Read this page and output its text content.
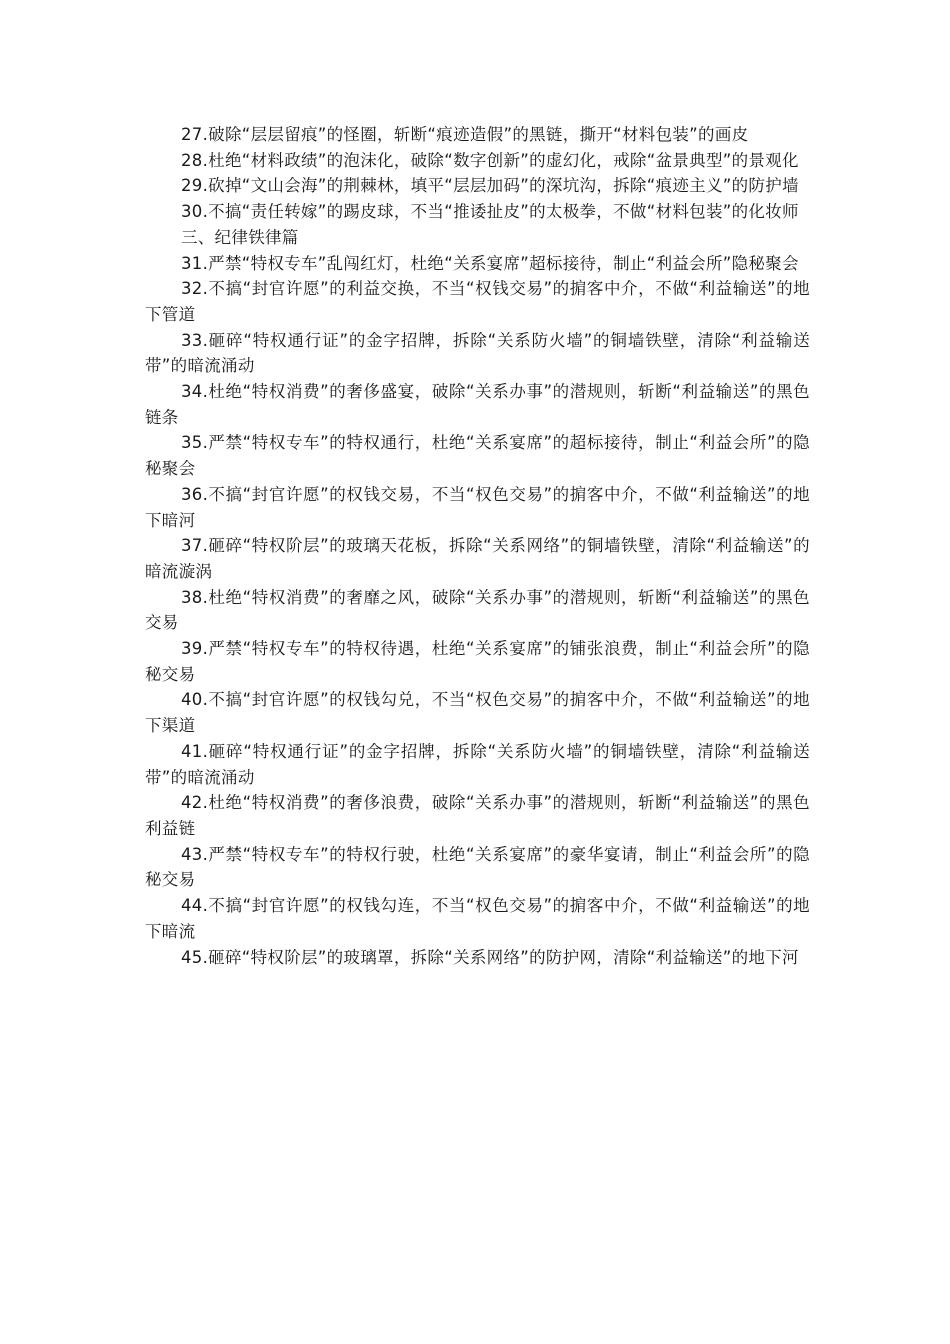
27.破除“层层留痕”的怪圈，斩断“痕迹造假”的黑链，撕开“材料包装”的画皮

28.杜绝“材料政绩”的泡沫化，破除“数字创新”的虚幻化，戒除“盆景典型”的景观化

29.砍掉“文山会海”的荆棘林，填平“层层加码”的深坑沟，拆除“痕迹主义”的防护墙

30.不搞“责任转嫁”的踢皮球，不当“推诿扯皮”的太极拳，不做“材料包装”的化妆师

三、纪律铁律篇

31.严禁“特权专车”乱闯红灯，杜绝“关系宴席”超标接待，制止“利益会所”隐秘聚会

32.不搞“封官许愿”的利益交换，不当“权钱交易”的掮客中介，不做“利益输送”的地下管道

33.砸碎“特权通行证”的金字招牌，拆除“关系防火墙”的铜墙铁壁，清除“利益输送带”的暗流涌动

34.杜绝“特权消费”的奢侈盛宴，破除“关系办事”的潜规则，斩断“利益输送”的黑色链条

35.严禁“特权专车”的特权通行，杜绝“关系宴席”的超标接待，制止“利益会所”的隐秘聚会

36.不搞“封官许愿”的权钱交易，不当“权色交易”的掮客中介，不做“利益输送”的地下暗河

37.砸碎“特权阶层”的玻璃天花板，拆除“关系网络”的铜墙铁壁，清除“利益输送”的暗流漩涡

38.杜绝“特权消费”的奢靡之风，破除“关系办事”的潜规则，斩断“利益输送”的黑色交易

39.严禁“特权专车”的特权待遇，杜绝“关系宴席”的铺张浪费，制止“利益会所”的隐秘交易

40.不搞“封官许愿”的权钱勾兑，不当“权色交易”的掮客中介，不做“利益输送”的地下渠道

41.砸碎“特权通行证”的金字招牌，拆除“关系防火墙”的铜墙铁壁，清除“利益输送带”的暗流涌动

42.杜绝“特权消费”的奢侈浪费，破除“关系办事”的潜规则，斩断“利益输送”的黑色利益链

43.严禁“特权专车”的特权行驶，杜绝“关系宴席”的豪华宴请，制止“利益会所”的隐秘交易

44.不搞“封官许愿”的权钱勾连，不当“权色交易”的掮客中介，不做“利益输送”的地下暗流

45.砸碎“特权阶层”的玻璃罩，拆除“关系网络”的防护网，清除“利益输送”的地下河
